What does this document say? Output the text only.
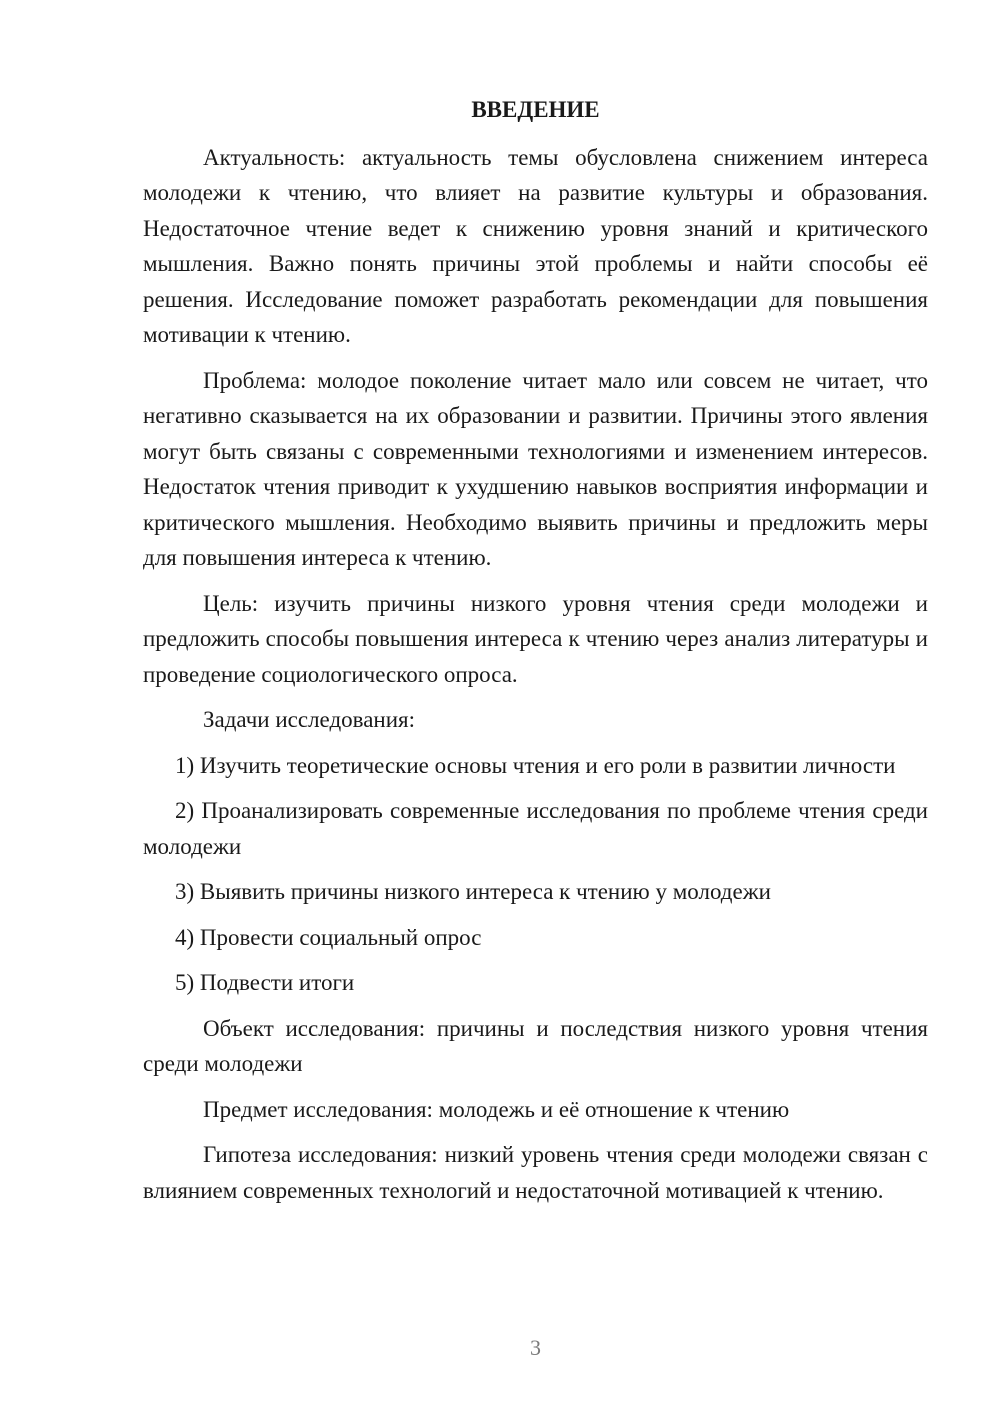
ВВЕДЕНИЕ

Актуальность: актуальность темы обусловлена снижением интереса молодежи к чтению, что влияет на развитие культуры и образования. Недостаточное чтение ведет к снижению уровня знаний и критического мышления. Важно понять причины этой проблемы и найти способы её решения. Исследование поможет разработать рекомендации для повышения мотивации к чтению.

Проблема: молодое поколение читает мало или совсем не читает, что негативно сказывается на их образовании и развитии. Причины этого явления могут быть связаны с современными технологиями и изменением интересов. Недостаток чтения приводит к ухудшению навыков восприятия информации и критического мышления. Необходимо выявить причины и предложить меры для повышения интереса к чтению.

Цель: изучить причины низкого уровня чтения среди молодежи и предложить способы повышения интереса к чтению через анализ литературы и проведение социологического опроса.

Задачи исследования:

1) Изучить теоретические основы чтения и его роли в развитии личности

2) Проанализировать современные исследования по проблеме чтения среди молодежи

3) Выявить причины низкого интереса к чтению у молодежи

4) Провести социальный опрос

5) Подвести итоги

Объект исследования: причины и последствия низкого уровня чтения среди молодежи

Предмет исследования: молодежь и её отношение к чтению

Гипотеза исследования: низкий уровень чтения среди молодежи связан с влиянием современных технологий и недостаточной мотивацией к чтению.

3
